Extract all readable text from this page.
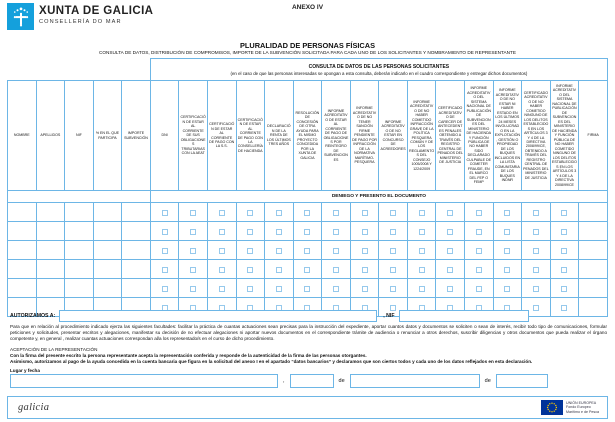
XUNTA DE GALICIA
CONSELLERÍA DO MAR
ANEXO IV
PLURALIDAD DE PERSONAS FÍSICAS
CONSULTA DE DATOS, DISTRIBUCIÓN DE COMPROMISOS, IMPORTE DE LA SUBVENCIÓN SOLICITADA PARA CADA UNO DE LOS SOLICITANTES Y NOMBRAMIENTO DE REPRESENTANTE

					CONSULTA DE DATOS DE LAS PERSONAS SOLICITANTES
(en el caso de que las personas interesadas se opongan a esta consulta, deberán indicarlo en el cuadro correspondiente y entregar dichos documentos)															

NOMBRE	APELLIDOS	NIF	% EN EL QUE PARTICIPA	IMPORTE SUBVENCIÓN	DNI	CERTIFICACIÓN DE ESTAR AL CORRIENTE DE SUS OBLIGACIONES TRIBUTARIAS CON LA AEAT	CERTIFICACIÓN DE ESTAR AL CORRIENTE DE PAGO CON LA S.S.	CERTIFICACIÓN DE ESTAR AL CORRIENTE DE PAGO CON LA CONSELLERÍA DE HACIENDA	DECLARACIÓN DE LA RENTA DE LOS ÚLTIMOS TRES AÑOS	RESOLUCIÓN DE CONCESIÓN DE OTRA AYUDA PARA EL MISMO PROYECTO CONCEDIDA POR LA XUNTA DE GALICIA	INFORME ACREDITATIVO DE ESTAR AL CORRIENTE DE PAGO DE OBLIGACIONES POR REINTEGRO DE SUBVENCIONES	INFORME ACREDITATIVO DE NO TENER SANCIÓN FIRME PENDIENTE DE PAGO POR INFRACCIÓN DE LA NORMATIVA MARÍTIMO-PESQUERA	INFORME ACREDITATIVO DE NO ESTAR EN CONCURSO DE ACREEDORES	INFORME ACREDITATIVO DE NO HABER COMETIDO INFRACCIÓN GRAVE DE LA POLÍTICA PESQUERA COMÚN Y DE LOS REGLAMENTOS DEL CONSEJO 1005/2008 Y 1224/2009	CERTIFICADO ACREDITATIVO DE CARECER DE ANTECEDENTES PENALES OBTENIDO A TRAVÉS DEL REGISTRO CENTRAL DE PENADOS DEL MINISTERIO DE JUSTICIA	INFORME ACREDITATIVO DEL SISTEMA NACIONAL DE PUBLICACIÓN DE SUBVENCIONES DEL MINISTERIO DE HACIENDA Y FUNCIÓN PÚBLICA DE NO HABER SIDO DECLARADO CULPABLE DE COMETER FRAUDE, EN EL MARCO DEL FEP O FEMP	INFORME ACREDITATIVO DE NO ESTAR NI HABER ESTADO EN LOS ÚLTIMOS 24 MESES INVOLUCRADO EN LA EXPLOTACIÓN, GESTIÓN O PROPIEDAD DE LOS BUQUES INCLUIDOS EN LA LISTA COMUNITARIA DE LOS BUQUES INDNR	CERTIFICADO ACREDITATIVO DE NO HABER COMETIDO NINGUNO DE LOS DELITOS ESTABLECIDOS EN LOS ARTÍCULOS 3 Y 4 DE LA DIRECTIVA 2008/99/CE, OBTENIDO A TRAVÉS DEL REGISTRO CENTRAL DE PENADOS DEL MINISTERIO DE JUSTICIA	INFORME ACREDITATIVO DEL SISTEMA NACIONAL DE PUBLICACIÓN DE SUBVENCIONES DEL MINISTERIO DE HACIENDA Y FUNCIÓN PÚBLICA DE NO HABER COMETIDO NINGUNO DE LOS DELITOS ESTABLECIDOS EN LOS ARTÍCULOS 3 Y 4 DE LA DIRECTIVA 2008/99/CE	FIRMA
					DENIEGO Y PRESENTO EL DOCUMENTO															

AUTORIZAMOS A:	, NIF
Para que en relación al procedimiento indicado ejerza las siguientes facultades: facilitar la práctica de cuantas actuaciones sean precisas para la instrucción del expediente, aportar cuantos datos y documentos se soliciten o sean de interés, recibir todo tipo de comunicaciones, formular peticiones y solicitudes, presentar escritos y alegaciones, manifestar su decisión de no efectuar alegaciones ni aportar nuevos documentos en el correspondiente trámite de audiencia o renunciar a otros derechos, suscribir diligencias y otros documentos que pueda realizar el órgano competente y, en general , realizar cuantas actuaciones correspondan al/a los representado/s en el curso de dicho procedimiento.
ACEPTACIÓN DE LA REPRESENTACIÓN
Con la firma del presente escrito la persona representante acepta la representación conferida y responde de la autenticidad de la firma de las personas otorgantes.
Asimismo, autorizamos al pago de la ayuda concedida en la cuenta bancaria que figura en la solicitud del anexo I en el apartado “datos bancarios” y declaramos que son ciertos todos y cada uno de los datos reflejados en esta declaración.
Lugar y fecha
,	de	de
galicia	UNIÓN EUROPEA
Fondo Europeo
Marítimo e de Pesca
